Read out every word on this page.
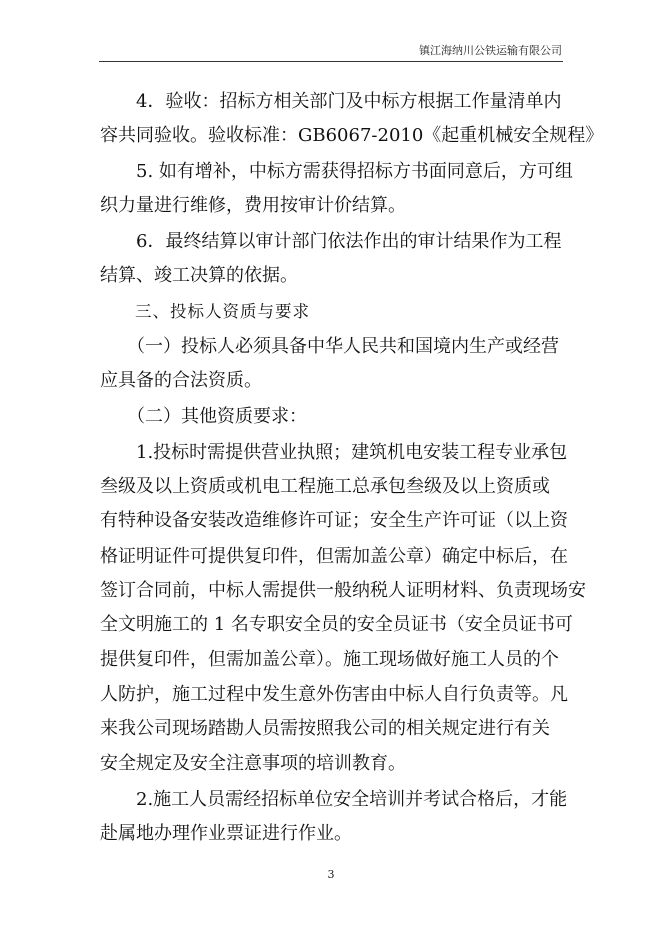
镇江海纳川公铁运输有限公司
　　4．验收：招标方相关部门及中标方根据工作量清单内
容共同验收。验收标准：GB6067-2010《起重机械安全规程》
　　5. 如有增补，中标方需获得招标方书面同意后，方可组
织力量进行维修，费用按审计价结算。
　　6．最终结算以审计部门依法作出的审计结果作为工程
结算、竣工决算的依据。
　　三、投标人资质与要求
　　（一）投标人必须具备中华人民共和国境内生产或经营
应具备的合法资质。
　　（二）其他资质要求：
　　1.投标时需提供营业执照；建筑机电安装工程专业承包
叁级及以上资质或机电工程施工总承包叁级及以上资质或
有特种设备安装改造维修许可证；安全生产许可证（以上资
格证明证件可提供复印件，但需加盖公章）确定中标后，在
签订合同前，中标人需提供一般纳税人证明材料、负责现场安
全文明施工的 1 名专职安全员的安全员证书（安全员证书可
提供复印件，但需加盖公章）。施工现场做好施工人员的个
人防护，施工过程中发生意外伤害由中标人自行负责等。凡
来我公司现场踏勘人员需按照我公司的相关规定进行有关
安全规定及安全注意事项的培训教育。
　　2.施工人员需经招标单位安全培训并考试合格后，才能
赴属地办理作业票证进行作业。
3
